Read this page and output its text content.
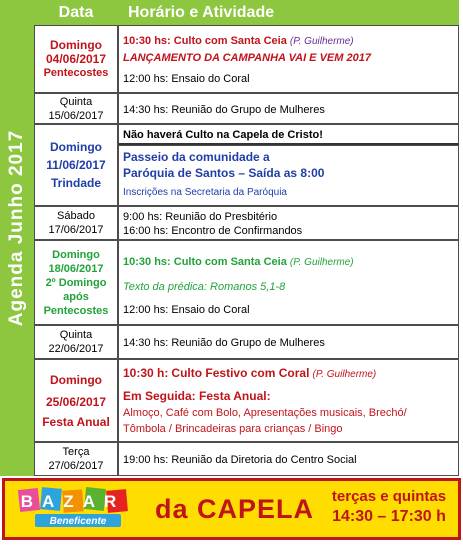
Agenda Junho 2017
Data	Horário e Atividade
Domingo
04/06/2017
Pentecostes
10:30 hs: Culto com Santa Ceia (P. Guilherme)
LANÇAMENTO DA CAMPANHA VAI E VEM 2017
12:00 hs: Ensaio do Coral
Quinta
15/06/2017 14:30 hs: Reunião do Grupo de Mulheres
Domingo
11/06/2017
Trindade
Não haverá Culto na Capela de Cristo!
Passeio da comunidade a
Paróquia de Santos – Saída as 8:00
Inscrições na Secretaria da Paróquia
Sábado
17/06/2017
9:00 hs: Reunião do Presbitério
16:00 hs: Encontro de Confirmandos
Domingo
18/06/2017
2º Domingo
após
Pentecostes
10:30 hs: Culto com Santa Ceia (P. Guilherme)
Texto da prédica: Romanos 5,1-8
12:00 hs: Ensaio do Coral
Quinta
22/06/2017 14:30 hs: Reunião do Grupo de Mulheres
Domingo
25/06/2017
Festa Anual
10:30 h: Culto Festivo com Coral (P. Guilherme)
Em Seguida: Festa Anual:
Almoço, Café com Bolo, Apresentações musicais, Brechó/
Tômbola / Brincadeiras para crianças / Bingo
Terça
27/06/2017 19:00 hs: Reunião da Diretoria do Centro Social
BAZAR
Beneficente da CAPELA	terças e quintas
14:30 – 17:30 h
